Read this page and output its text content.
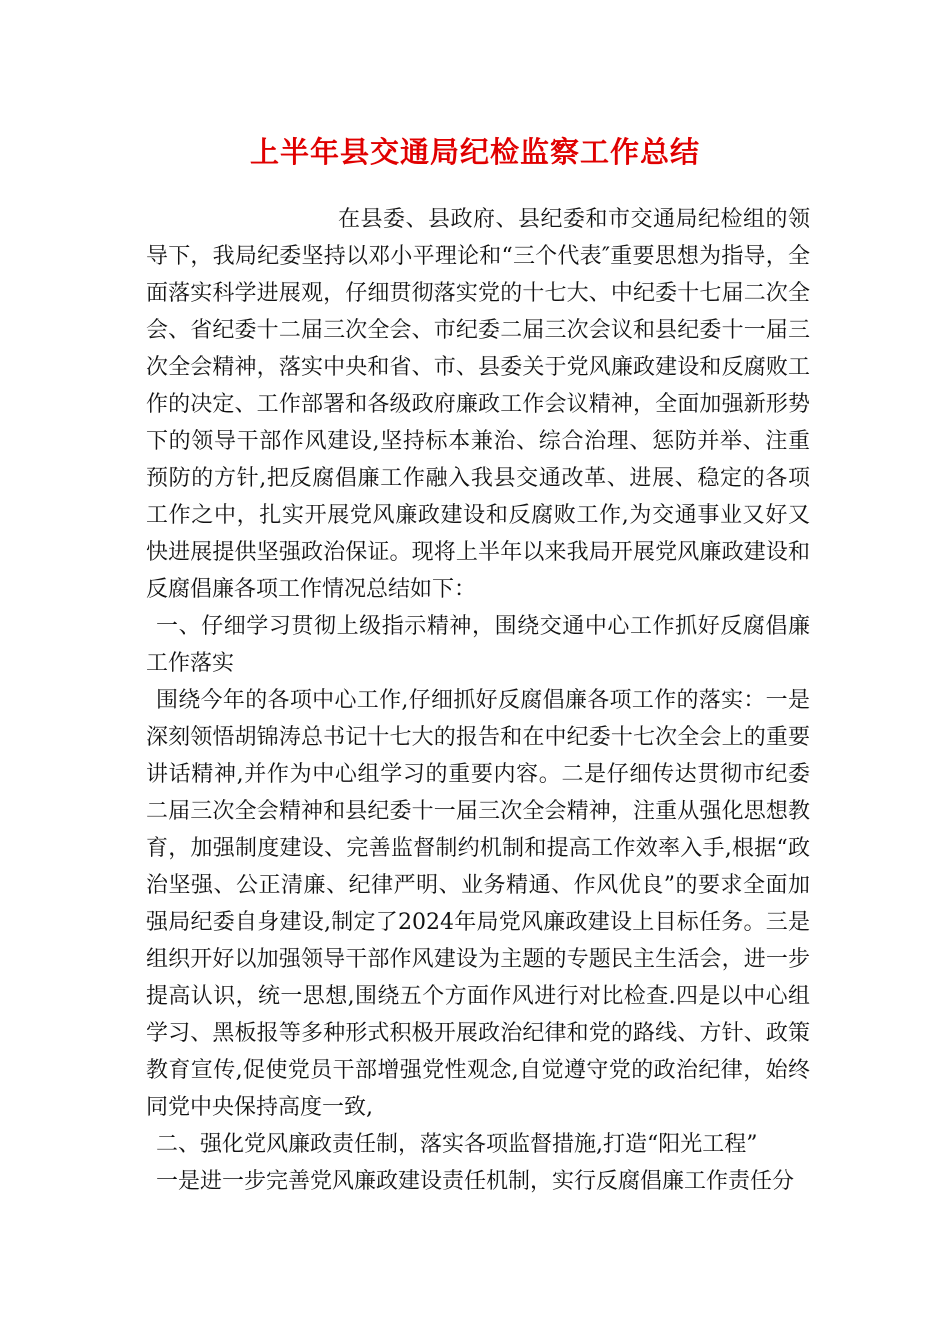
上半年县交通局纪检监察工作总结

在县委、县政府、县纪委和市交通局纪检组的领导下，我局纪委坚持以邓小平理论和“三个代表″重要思想为指导，全面落实科学进展观，仔细贯彻落实党的十七大、中纪委十七届二次全会、省纪委十二届三次全会、市纪委二届三次会议和县纪委十一届三次全会精神，落实中央和省、市、县委关于党风廉政建设和反腐败工作的决定、工作部署和各级政府廉政工作会议精神，全面加强新形势下的领导干部作风建设,坚持标本兼治、综合治理、惩防并举、注重预防的方针,把反腐倡廉工作融入我县交通改革、进展、稳定的各项工作之中，扎实开展党风廉政建设和反腐败工作,为交通事业又好又快进展提供坚强政治保证。现将上半年以来我局开展党风廉政建设和反腐倡廉各项工作情况总结如下：

一、仔细学习贯彻上级指示精神，围绕交通中心工作抓好反腐倡廉工作落实

围绕今年的各项中心工作,仔细抓好反腐倡廉各项工作的落实：一是深刻领悟胡锦涛总书记十七大的报告和在中纪委十七次全会上的重要讲话精神,并作为中心组学习的重要内容。二是仔细传达贯彻市纪委二届三次全会精神和县纪委十一届三次全会精神，注重从强化思想教育，加强制度建设、完善监督制约机制和提高工作效率入手,根据“政治坚强、公正清廉、纪律严明、业务精通、作风优良”的要求全面加强局纪委自身建设,制定了2024年局党风廉政建设上目标任务。三是组织开好以加强领导干部作风建设为主题的专题民主生活会，进一步提高认识，统一思想,围绕五个方面作风进行对比检查.四是以中心组学习、黑板报等多种形式积极开展政治纪律和党的路线、方针、政策教育宣传,促使党员干部增强党性观念,自觉遵守党的政治纪律，始终同党中央保持高度一致,

二、强化党风廉政责任制，落实各项监督措施,打造“阳光工程”

一是进一步完善党风廉政建设责任机制，实行反腐倡廉工作责任分
